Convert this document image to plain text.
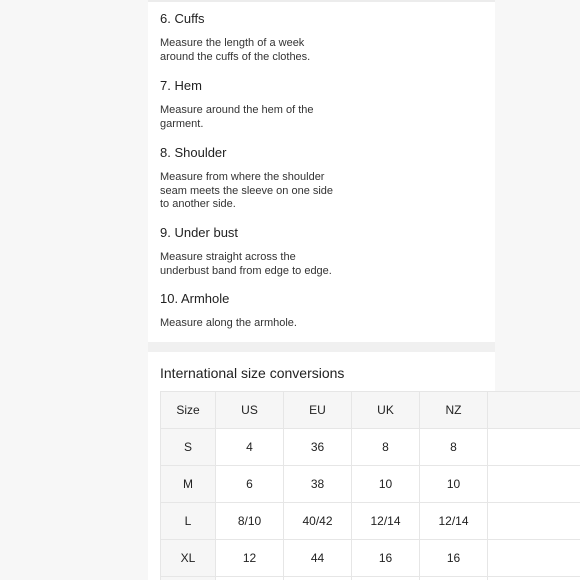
6. Cuffs
Measure the length of a week
around the cuffs of the clothes.
7. Hem
Measure around the hem of the
garment.
8. Shoulder
Measure from where the shoulder
seam meets the sleeve on one side
to another side.
9. Under bust
Measure straight across the
underbust band from edge to edge.
10. Armhole
Measure along the armhole.
International size conversions
Size	US	EU	UK	NZ	
S	4	36	8	8	
M	6	38	10	10	
L	8/10	40/42	12/14	12/14	
XL	12	44	16	16	
